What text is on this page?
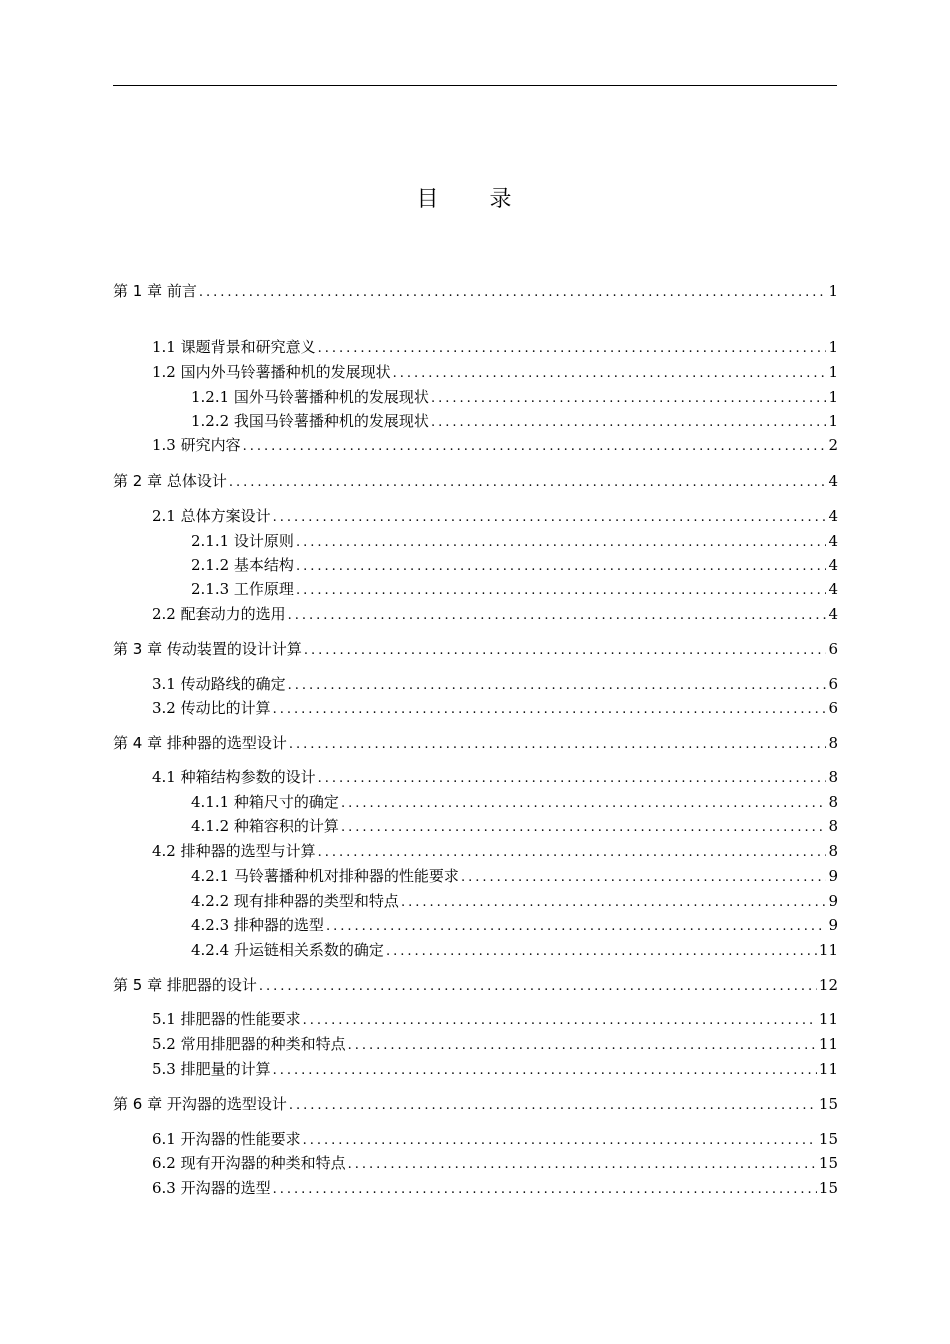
目 录
第 1 章 前言 .....	1
1.1 课题背景和研究意义 .....	1
1.2 国内外马铃薯播种机的发展现状 .....	1
1.2.1 国外马铃薯播种机的发展现状 .....	1
1.2.2 我国马铃薯播种机的发展现状 .....	1
1.3 研究内容 .....	2
第 2 章 总体设计 .....	4
2.1 总体方案设计 .....	4
2.1.1 设计原则 .....	4
2.1.2 基本结构 .....	4
2.1.3 工作原理 .....	4
2.2 配套动力的选用 .....	4
第 3 章 传动装置的设计计算 .....	6
3.1 传动路线的确定 .....	6
3.2 传动比的计算 .....	6
第 4 章 排种器的选型设计 .....	8
4.1 种箱结构参数的设计 .....	8
4.1.1 种箱尺寸的确定 .....	8
4.1.2 种箱容积的计算 .....	8
4.2 排种器的选型与计算 .....	8
4.2.1 马铃薯播种机对排种器的性能要求 .....	9
4.2.2 现有排种器的类型和特点 .....	9
4.2.3 排种器的选型 .....	9
4.2.4 升运链相关系数的确定 .....	11
第 5 章 排肥器的设计 .....	12
5.1 排肥器的性能要求 .....	11
5.2 常用排肥器的种类和特点 .....	11
5.3 排肥量的计算 .....	11
第 6 章 开沟器的选型设计 .....	15
6.1 开沟器的性能要求 .....	15
6.2 现有开沟器的种类和特点 .....	15
6.3 开沟器的选型 .....	15
